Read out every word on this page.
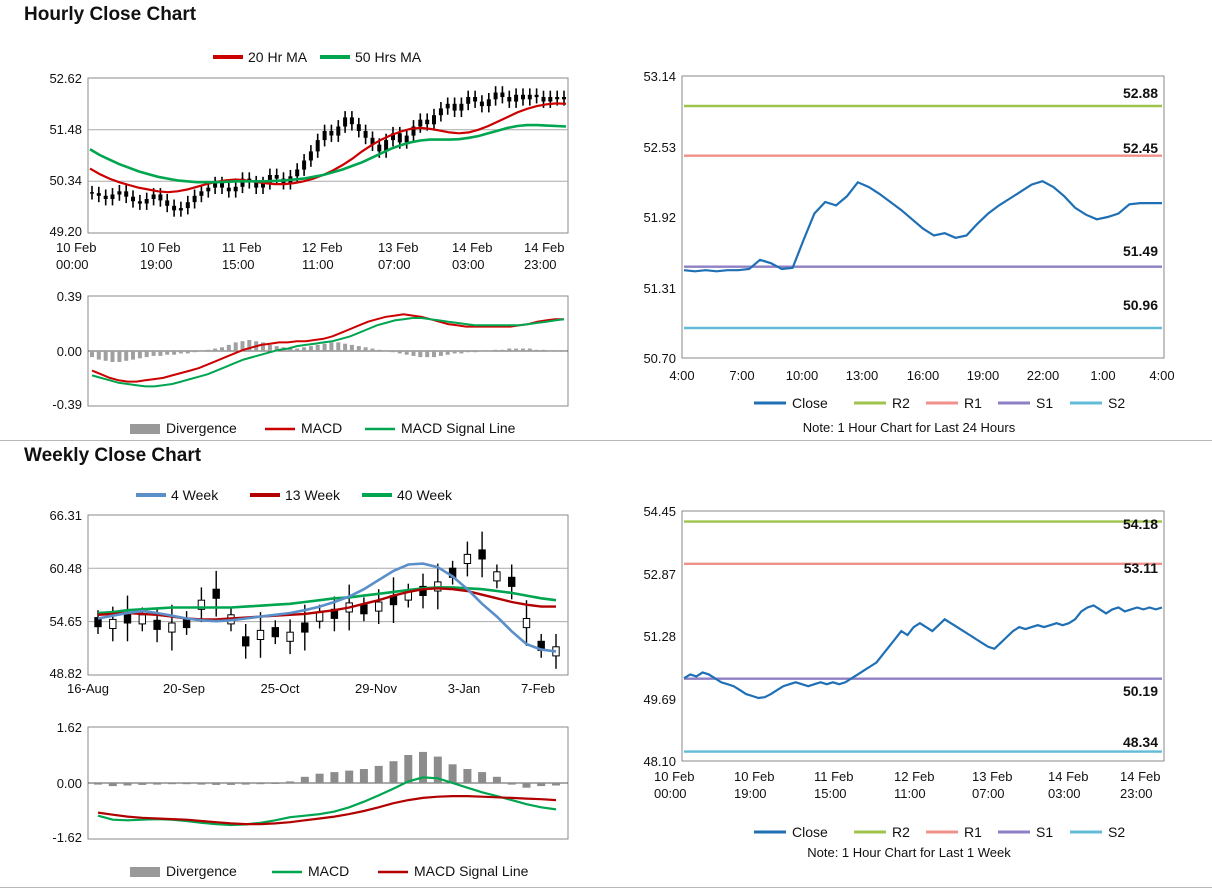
Hourly Close Chart
20 Hr MA	50 Hrs MA
52.62
51.48
50.34
49.20
10 Feb
00:00
10 Feb
19:00
11 Feb
15:00
12 Feb
11:00
13 Feb
07:00
14 Feb
03:00
14 Feb
23:00
0.39
0.00
-0.39
Divergence	MACD	MACD Signal Line
53.14
52.53
51.92
51.31
50.70
52.88
52.45
51.49
50.96
4:00	7:00 10:00 13:00 16:00 19:00 22:00 1:00	4:00
Close	R2	R1	S1	S2
Note: 1 Hour Chart for Last 24 Hours
Weekly Close Chart
4 Week	13 Week	40 Week
66.31
60.48
54.65
48.82
16-Aug	20-Sep	25-Oct	29-Nov	3-Jan	7-Feb
1.62
0.00
-1.62
Divergence	MACD	MACD Signal Line
54.45
52.87
51.28
49.69
48.10
54.18
53.11
50.19
48.34
10 Feb
00:00
10 Feb
19:00
11 Feb
15:00
12 Feb
11:00
13 Feb
07:00
14 Feb
03:00
14 Feb
23:00
Close	R2	R1	S1	S2
Note: 1 Hour Chart for Last 1 Week
